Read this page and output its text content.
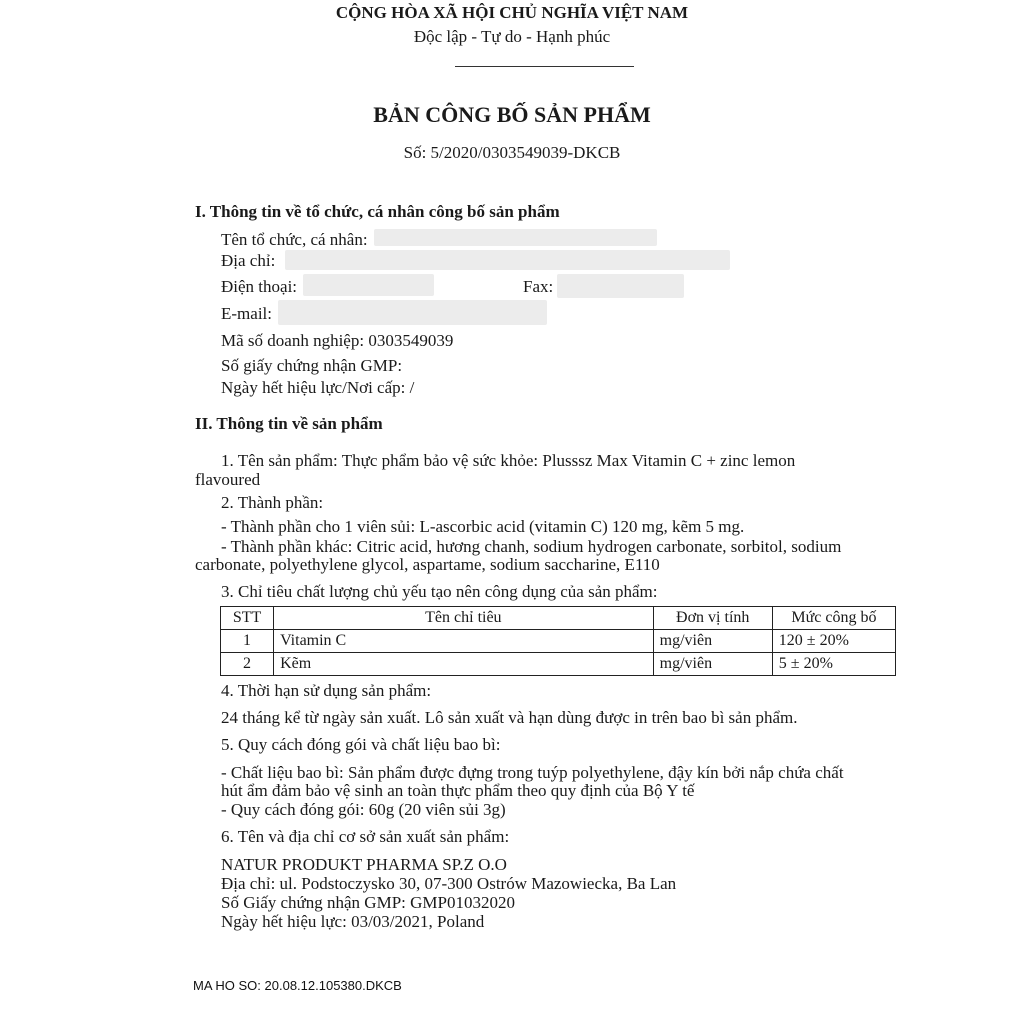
CỘNG HÒA XÃ HỘI CHỦ NGHĨA VIỆT NAM
Độc lập - Tự do - Hạnh phúc
BẢN CÔNG BỐ SẢN PHẨM
Số: 5/2020/0303549039-DKCB
I. Thông tin về tổ chức, cá nhân công bố sản phẩm
Tên tổ chức, cá nhân:
Địa chỉ:
Điện thoại:	Fax:
E-mail:
Mã số doanh nghiệp: 0303549039
Số giấy chứng nhận GMP:
Ngày hết hiệu lực/Nơi cấp: /
II. Thông tin về sản phẩm
1. Tên sản phẩm: Thực phẩm bảo vệ sức khỏe: Plusssz Max Vitamin C + zinc lemon
flavoured
2. Thành phần:
- Thành phần cho 1 viên sủi: L-ascorbic acid (vitamin C) 120 mg, kẽm 5 mg.
- Thành phần khác: Citric acid, hương chanh, sodium hydrogen carbonate, sorbitol, sodium
carbonate, polyethylene glycol, aspartame, sodium saccharine, E110
3. Chỉ tiêu chất lượng chủ yếu tạo nên công dụng của sản phẩm:
STT	Tên chỉ tiêu	Đơn vị tính	Mức công bố
1	Vitamin C	mg/viên	120 ± 20%
2	Kẽm	mg/viên	5 ± 20%
4. Thời hạn sử dụng sản phẩm:
24 tháng kể từ ngày sản xuất. Lô sản xuất và hạn dùng được in trên bao bì sản phẩm.
5. Quy cách đóng gói và chất liệu bao bì:
- Chất liệu bao bì: Sản phẩm được đựng trong tuýp polyethylene, đậy kín bởi nắp chứa chất
hút ẩm đảm bảo vệ sinh an toàn thực phẩm theo quy định của Bộ Y tế
- Quy cách đóng gói: 60g (20 viên sủi 3g)
6. Tên và địa chỉ cơ sở sản xuất sản phẩm:
NATUR PRODUKT PHARMA SP.Z O.O
Địa chỉ: ul. Podstoczysko 30, 07-300 Ostrów Mazowiecka, Ba Lan
Số Giấy chứng nhận GMP: GMP01032020
Ngày hết hiệu lực: 03/03/2021, Poland
MA HO SO: 20.08.12.105380.DKCB
